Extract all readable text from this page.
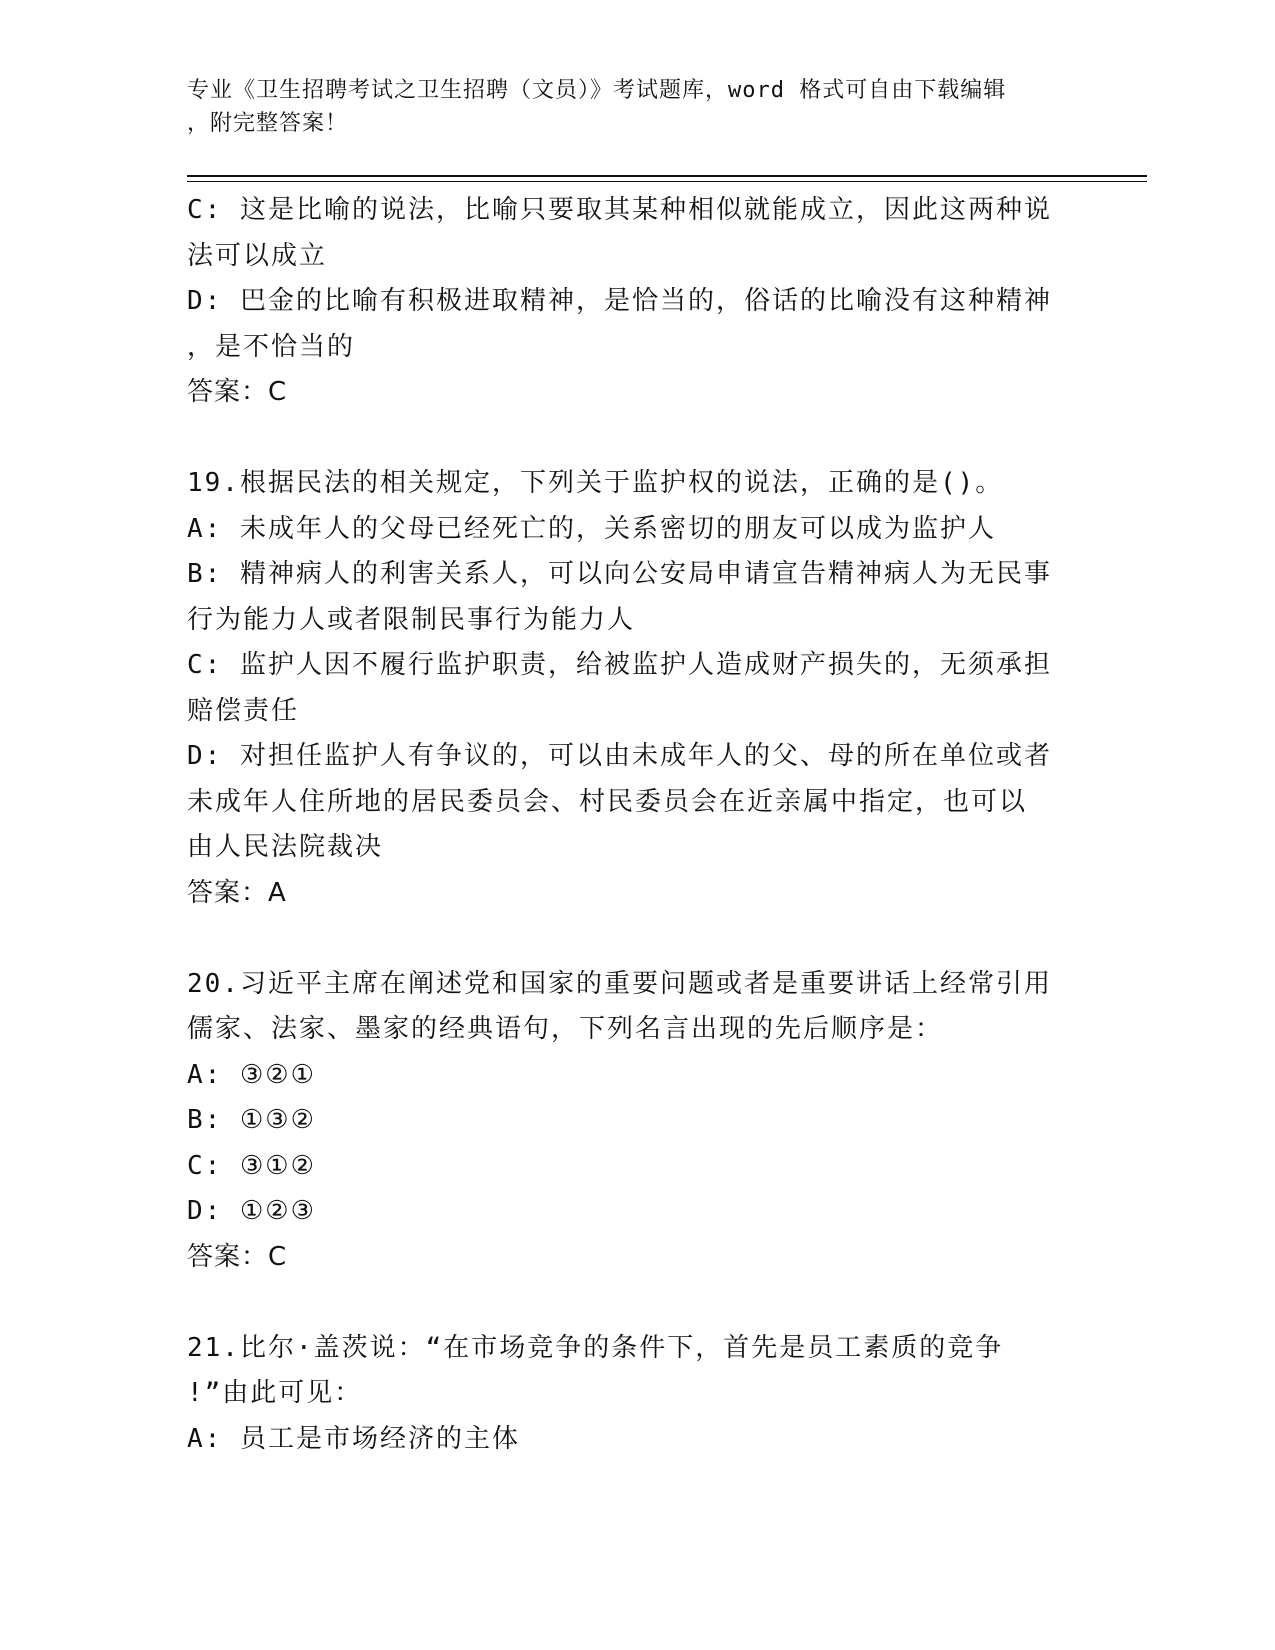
专业《卫生招聘考试之卫生招聘（文员）》考试题库，word 格式可自由下载编辑
，附完整答案！
C: 这是比喻的说法，比喻只要取其某种相似就能成立，因此这两种说
法可以成立
D: 巴金的比喻有积极进取精神，是恰当的，俗话的比喻没有这种精神
，是不恰当的
答案：C
19.根据民法的相关规定，下列关于监护权的说法，正确的是()。
A: 未成年人的父母已经死亡的，关系密切的朋友可以成为监护人
B: 精神病人的利害关系人，可以向公安局申请宣告精神病人为无民事
行为能力人或者限制民事行为能力人
C: 监护人因不履行监护职责，给被监护人造成财产损失的，无须承担
赔偿责任
D: 对担任监护人有争议的，可以由未成年人的父、母的所在单位或者
未成年人住所地的居民委员会、村民委员会在近亲属中指定，也可以
由人民法院裁决
答案：A
20.习近平主席在阐述党和国家的重要问题或者是重要讲话上经常引用
儒家、法家、墨家的经典语句，下列名言出现的先后顺序是：
A: ③②①
B: ①③②
C: ③①②
D: ①②③
答案：C
21.比尔·盖茨说：“在市场竞争的条件下，首先是员工素质的竞争
!”由此可见：
A: 员工是市场经济的主体
